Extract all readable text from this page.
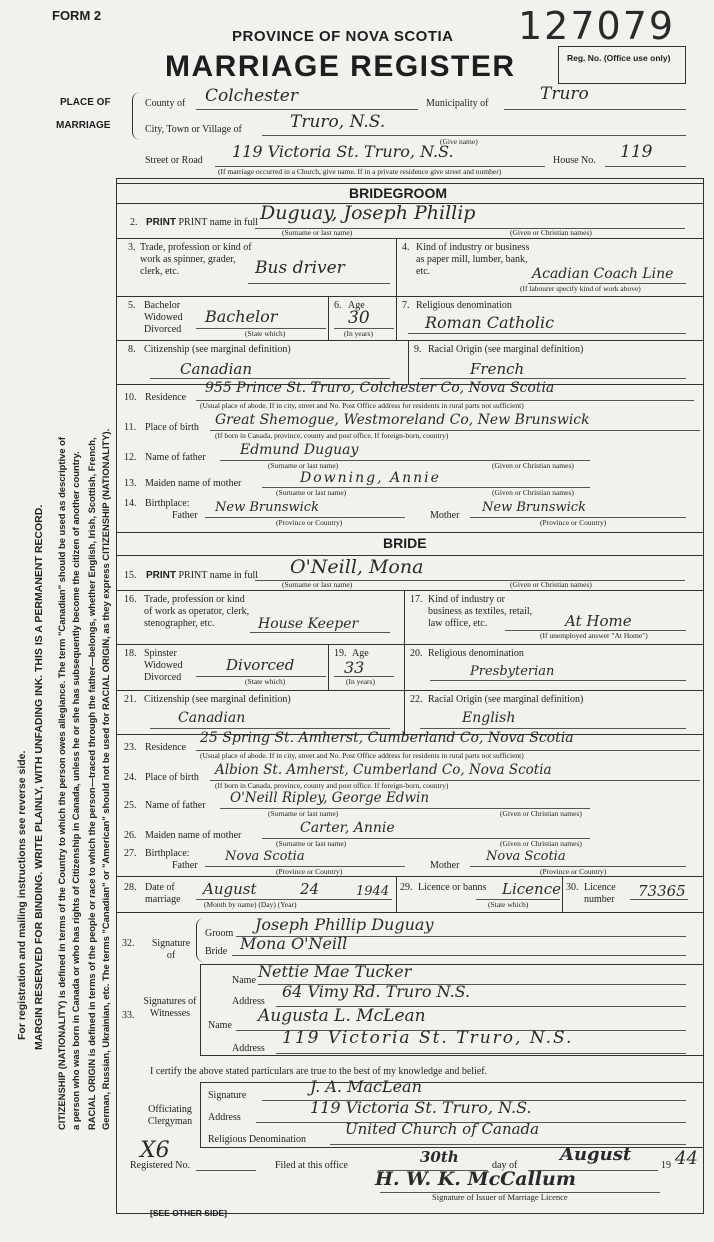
For registration and mailing instructions see reverse side. MARGIN RESERVED FOR BINDING. WRITE PLAINLY, WITH UNFADING INK. THIS IS A PERMANENT RECORD. CITIZENSHIP (NATIONALITY) is defined in terms of the Country to which the person owes allegiance. The term "Canadian" should be used as descriptive of a person who was born in Canada or who has rights of Citizenship in Canada, unless he or she has subsequently become the citizen of another country. RACIAL ORIGIN is defined in terms of the people or race to which the person—traced through the father—belongs, whether English, Irish, Scottish, French, German, Russian, Ukrainian, etc. The terms "Canadian" or "American" should not be used for RACIAL ORIGIN, as they express CITIZENSHIP (NATIONALITY).
FORM 2
PROVINCE OF NOVA SCOTIA
MARRIAGE REGISTER
127079
Reg. No. (Office use only)
PLACE OF
MARRIAGE
County of Colchester	Municipality of	Truro
City, Town or Village of	Truro, N.S.
(Give name)
Street or Road 119 Victoria St. Truro, N.S.	House No. 119
(If marriage occurred in a Church, give name. If in a private residence give street and number)
BRIDEGROOM
2. PRINT PRINT name in full Duguay, Joseph Phillip
(Surname or last name)	(Given or Christian names)
3. Trade, profession or kind of work as spinner, grader, clerk, etc.	Bus driver
4. Kind of industry or business as paper mill, lumber, bank, etc.	Acadian Coach Line
(If labourer specify kind of work above)
5. Bachelor Widowed Divorced
Bachelor
(State which)
6. Age
30
(In years)
7. Religious denomination
Roman Catholic
8. Citizenship (see marginal definition)
Canadian
9. Racial Origin (see marginal definition)
French
10. Residence
955 Prince St. Truro, Colchester Co, Nova Scotia
(Usual place of abode. If in city, street and No. Post Office address for residents in rural parts not sufficient)
11. Place of birth Great Shemogue, Westmoreland Co, New Brunswick
(If born in Canada, province, county and post office. If foreign-born, country)
12. Name of father Edmund Duguay
(Surname or last name)	(Given or Christian names)
13. Maiden name of mother	Downing, Annie
(Surname or last name)	(Given or Christian names)
14. Birthplace:
Father
New Brunswick
(Province or Country)
Mother
New Brunswick
(Province or Country)
BRIDE
15. PRINT PRINT name in full O'Neill, Mona
(Surname or last name)	(Given or Christian names)
16. Trade, profession or kind of work as operator, clerk, stenographer, etc.	House Keeper
17. Kind of industry or business as textiles, retail, law office, etc.	At Home
(If unemployed answer "At Home")
18. Spinster Widowed Divorced
Divorced
(State which)
19. Age
33
(In years)
20. Religious denomination
Presbyterian
21. Citizenship (see marginal definition)
Canadian
22. Racial Origin (see marginal definition)
English
23. Residence
25 Spring St. Amherst, Cumberland Co, Nova Scotia
(Usual place of abode. If in city, street and No. Post Office address for residents in rural parts not sufficient)
24. Place of birth Albion St. Amherst, Cumberland Co, Nova Scotia
(If born in Canada, province, county and post office. If foreign-born, country)
25. Name of father O'Neill Ripley, George Edwin
(Surname or last name)	(Given or Christian names)
26. Maiden name of mother	Carter, Annie
(Surname or last name)	(Given or Christian names)
27. Birthplace:
Father
Nova Scotia
(Province or Country)
Mother
Nova Scotia
(Province or Country)
28. Date of marriage
August	24	1944
(Month by name) (Day) (Year)
29. Licence or banns Licence
(State which)
30. Licence number	73365
32. Signature of
Groom Joseph Phillip Duguay
Bride Mona O'Neill
33.
Signatures of Witnesses
Name Nettie Mae Tucker
Address
64 Vimy Rd. Truro N.S.
Name Augusta L. McLean
Address
119 Victoria St. Truro, N.S.
I certify the above stated particulars are true to the best of my knowledge and belief.
Officiating Clergyman
Signature	J. A. MacLean
Address
119 Victoria St. Truro, N.S.
Religious Denomination
United Church of Canada
X6
Registered No.	Filed at this office	30th	day of
August
19 44
H. W. K. McCallum
Signature of Issuer of Marriage Licence
[SEE OTHER SIDE]
